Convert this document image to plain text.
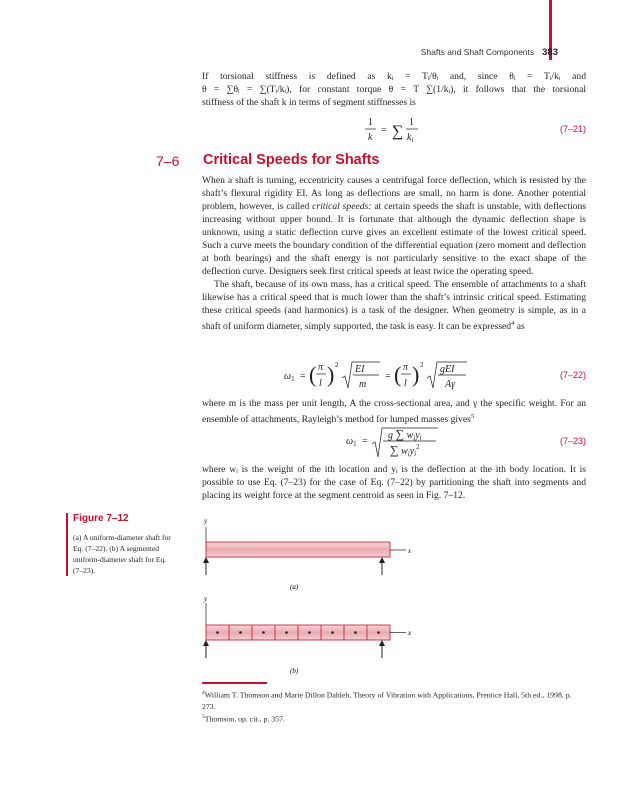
Shafts and Shaft Components 383

If torsional stiffness is defined as kᵢ = Tᵢ/θᵢ and, since θᵢ = Tᵢ/kᵢ and

θ = ∑θᵢ = ∑(Tᵢ/kᵢ), for constant torque θ = T ∑(1/kᵢ), it follows that the torsional

stiffness of the shaft k in terms of segment stiffnesses is

1
k
= ∑
1
$k_i$
(7–21)
7–6 Critical Speeds for Shafts

When a shaft is turning, eccentricity causes a centrifugal force deflection, which is resisted by the shaft’s flexural rigidity EI. As long as deflections are small, no harm is done. Another potential problem, however, is called critical speeds: at certain speeds the shaft is unstable, with deflections increasing without upper bound. It is fortunate that although the dynamic deflection shape is unknown, using a static deflection curve gives an excellent estimate of the lowest critical speed. Such a curve meets the boundary condition of the differential equation (zero moment and deflection at both bearings) and the shaft energy is not particularly sensitive to the exact shape of the deflection curve. Designers seek first critical speeds at least twice the operating speed.

The shaft, because of its own mass, has a critical speed. The ensemble of attachments to a shaft likewise has a critical speed that is much lower than the shaft’s intrinsic critical speed. Estimating these critical speeds (and harmonics) is a task of the designer. When geometry is simple, as in a shaft of uniform diameter, simply supported, the task is easy. It can be expressed$^4$ as

$\omega_1$ = ( π
l ) 2 EI
m
= ( π
l ) 2 gEI
Aγ
(7–22)

where m is the mass per unit length, A the cross-sectional area, and γ the specific weight. For an ensemble of attachments, Rayleigh’s method for lumped masses gives$^5$

$\omega_1$ =
g ∑ $w_iy_i$
∑ $w_iy_i^2$
(7–23)

where wᵢ is the weight of the ith location and yᵢ is the deflection at the ith body location. It is possible to use Eq. (7–23) for the case of Eq. (7–22) by partitioning the shaft into segments and placing its weight force at the segment centroid as seen in Fig. 7–12.

Figure 7–12
(a) A uniform-diameter shaft for Eq. (7–22). (b) A segmented uniform-diameter shaft for Eq. (7–23).
y
x
(a)
y
x
(b)
$^4$William T. Thomson and Marie Dillon Dahleh, Theory of Vibration with Applications, Prentice Hall, 5th ed., 1998, p. 273.
$^5$Thomson, op. cit., p. 357.
